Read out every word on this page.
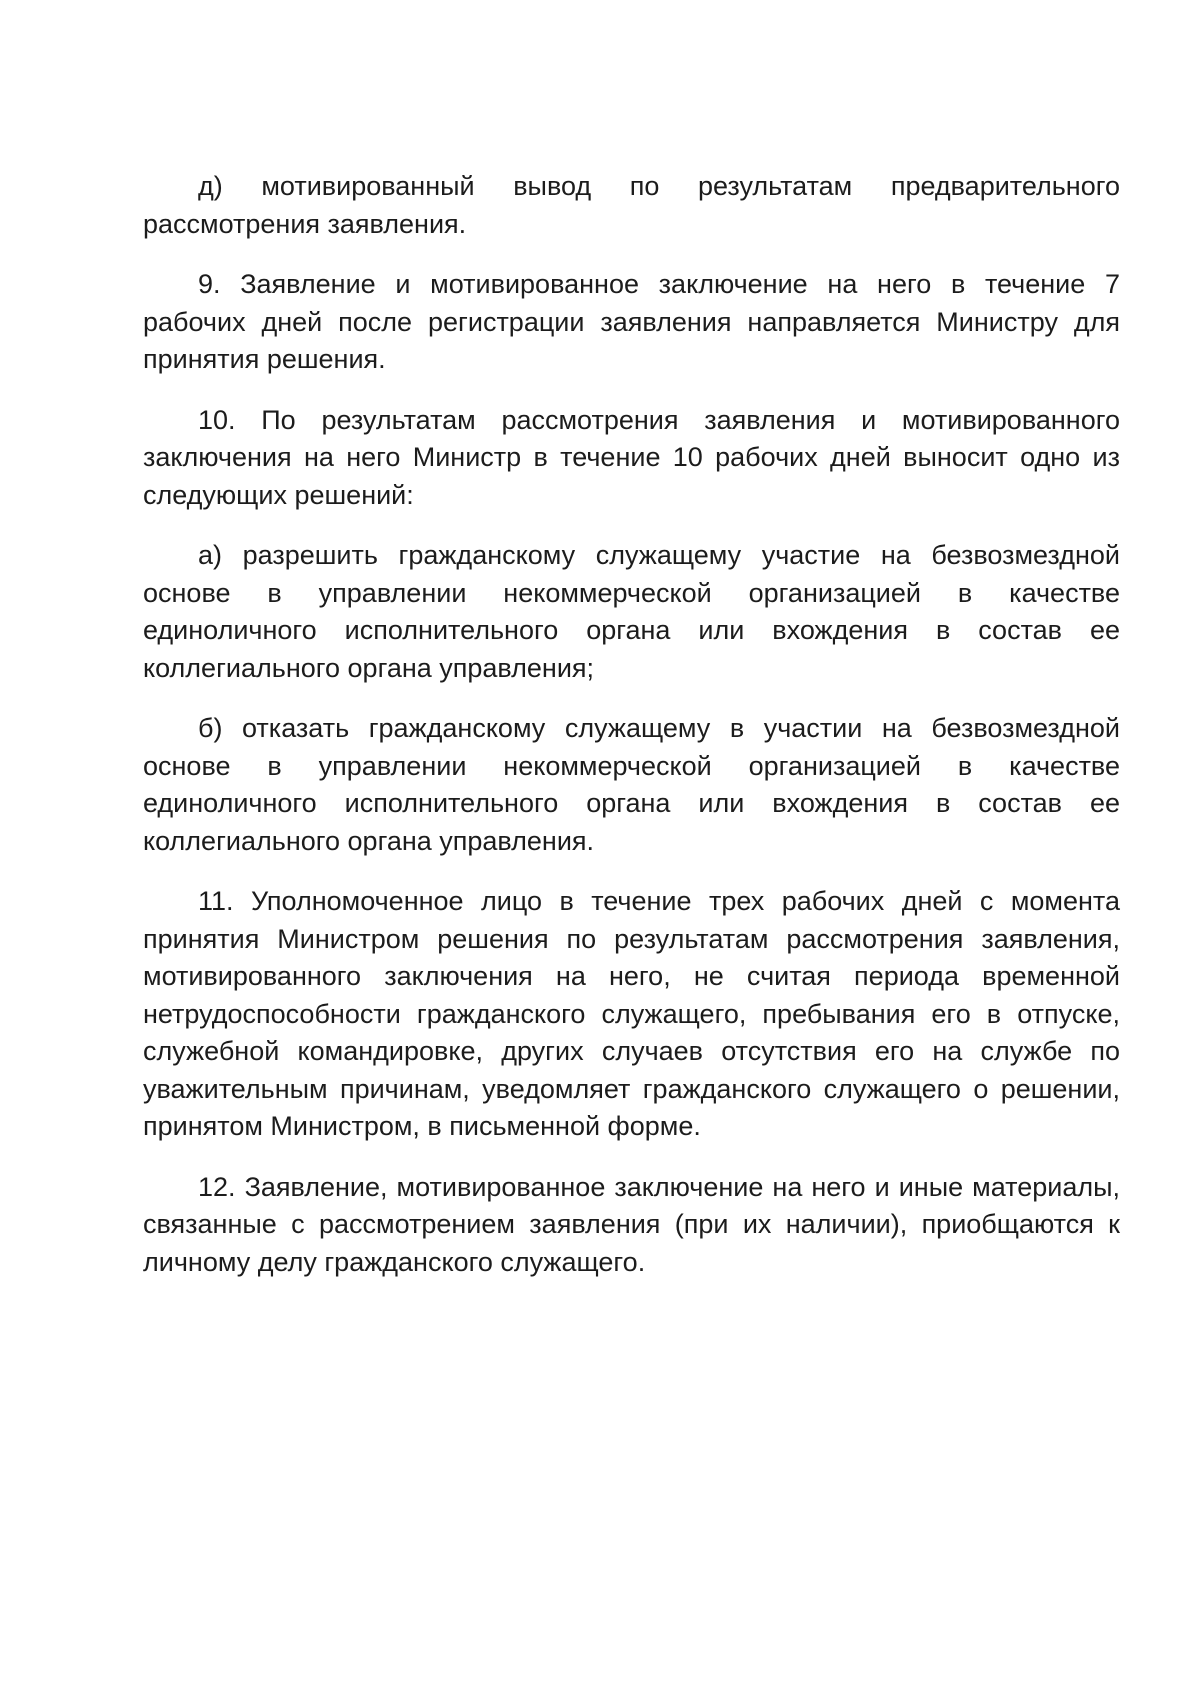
д) мотивированный вывод по результатам предварительного рассмотрения заявления.

9. Заявление и мотивированное заключение на него в течение 7 рабочих дней после регистрации заявления направляется Министру для принятия решения.

10. По результатам рассмотрения заявления и мотивированного заключения на него Министр в течение 10 рабочих дней выносит одно из следующих решений:

а) разрешить гражданскому служащему участие на безвозмездной основе в управлении некоммерческой организацией в качестве единоличного исполнительного органа или вхождения в состав ее коллегиального органа управления;

б) отказать гражданскому служащему в участии на безвозмездной основе в управлении некоммерческой организацией в качестве единоличного исполнительного органа или вхождения в состав ее коллегиального органа управления.

11. Уполномоченное лицо в течение трех рабочих дней с момента принятия Министром решения по результатам рассмотрения заявления, мотивированного заключения на него, не считая периода временной нетрудоспособности гражданского служащего, пребывания его в отпуске, служебной командировке, других случаев отсутствия его на службе по уважительным причинам, уведомляет гражданского служащего о решении, принятом Министром, в письменной форме.

12. Заявление, мотивированное заключение на него и иные материалы, связанные с рассмотрением заявления (при их наличии), приобщаются к личному делу гражданского служащего.
